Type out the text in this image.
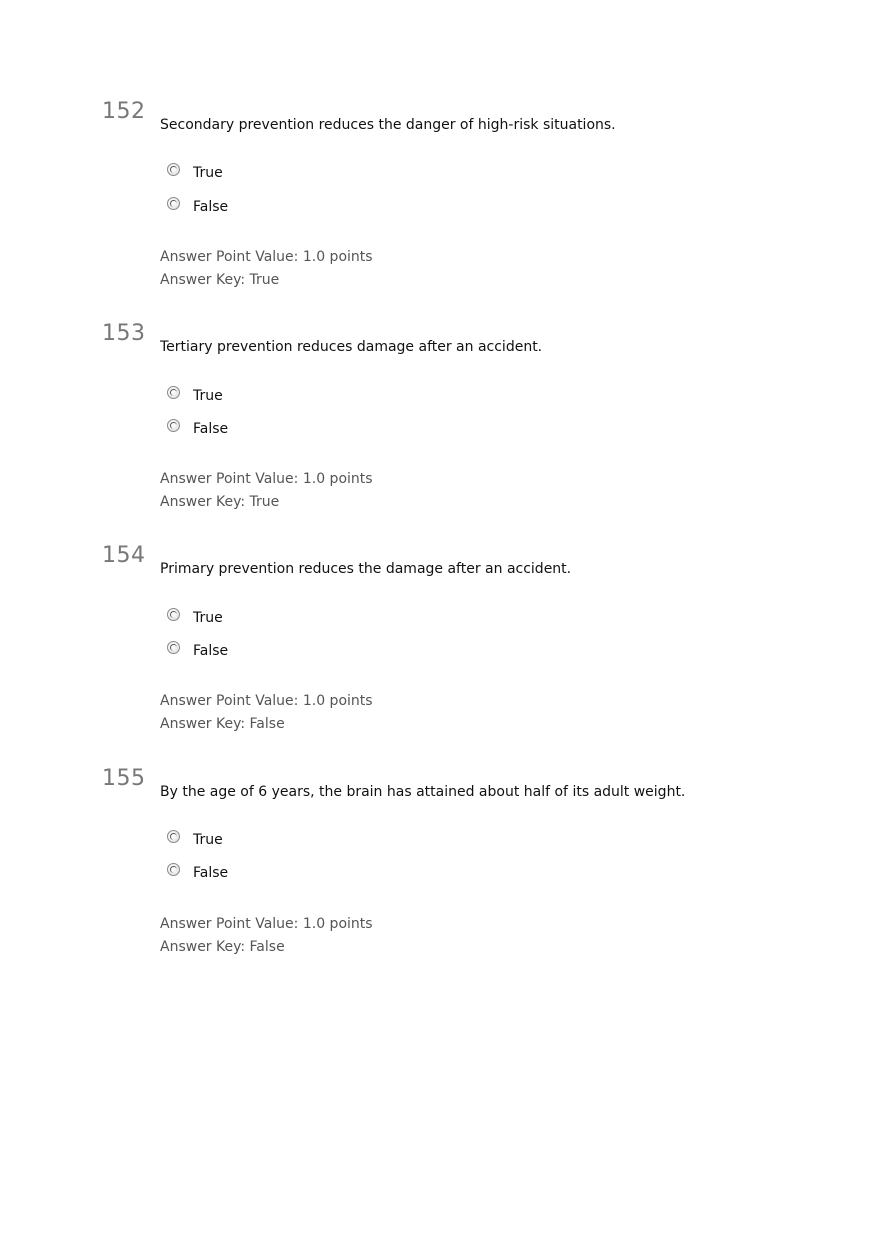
152
Secondary prevention reduces the danger of high-risk situations.
True
False
Answer Point Value: 1.0 points
Answer Key: True
153
Tertiary prevention reduces damage after an accident.
True
False
Answer Point Value: 1.0 points
Answer Key: True
154
Primary prevention reduces the damage after an accident.
True
False
Answer Point Value: 1.0 points
Answer Key: False
155
By the age of 6 years, the brain has attained about half of its adult weight.
True
False
Answer Point Value: 1.0 points
Answer Key: False
